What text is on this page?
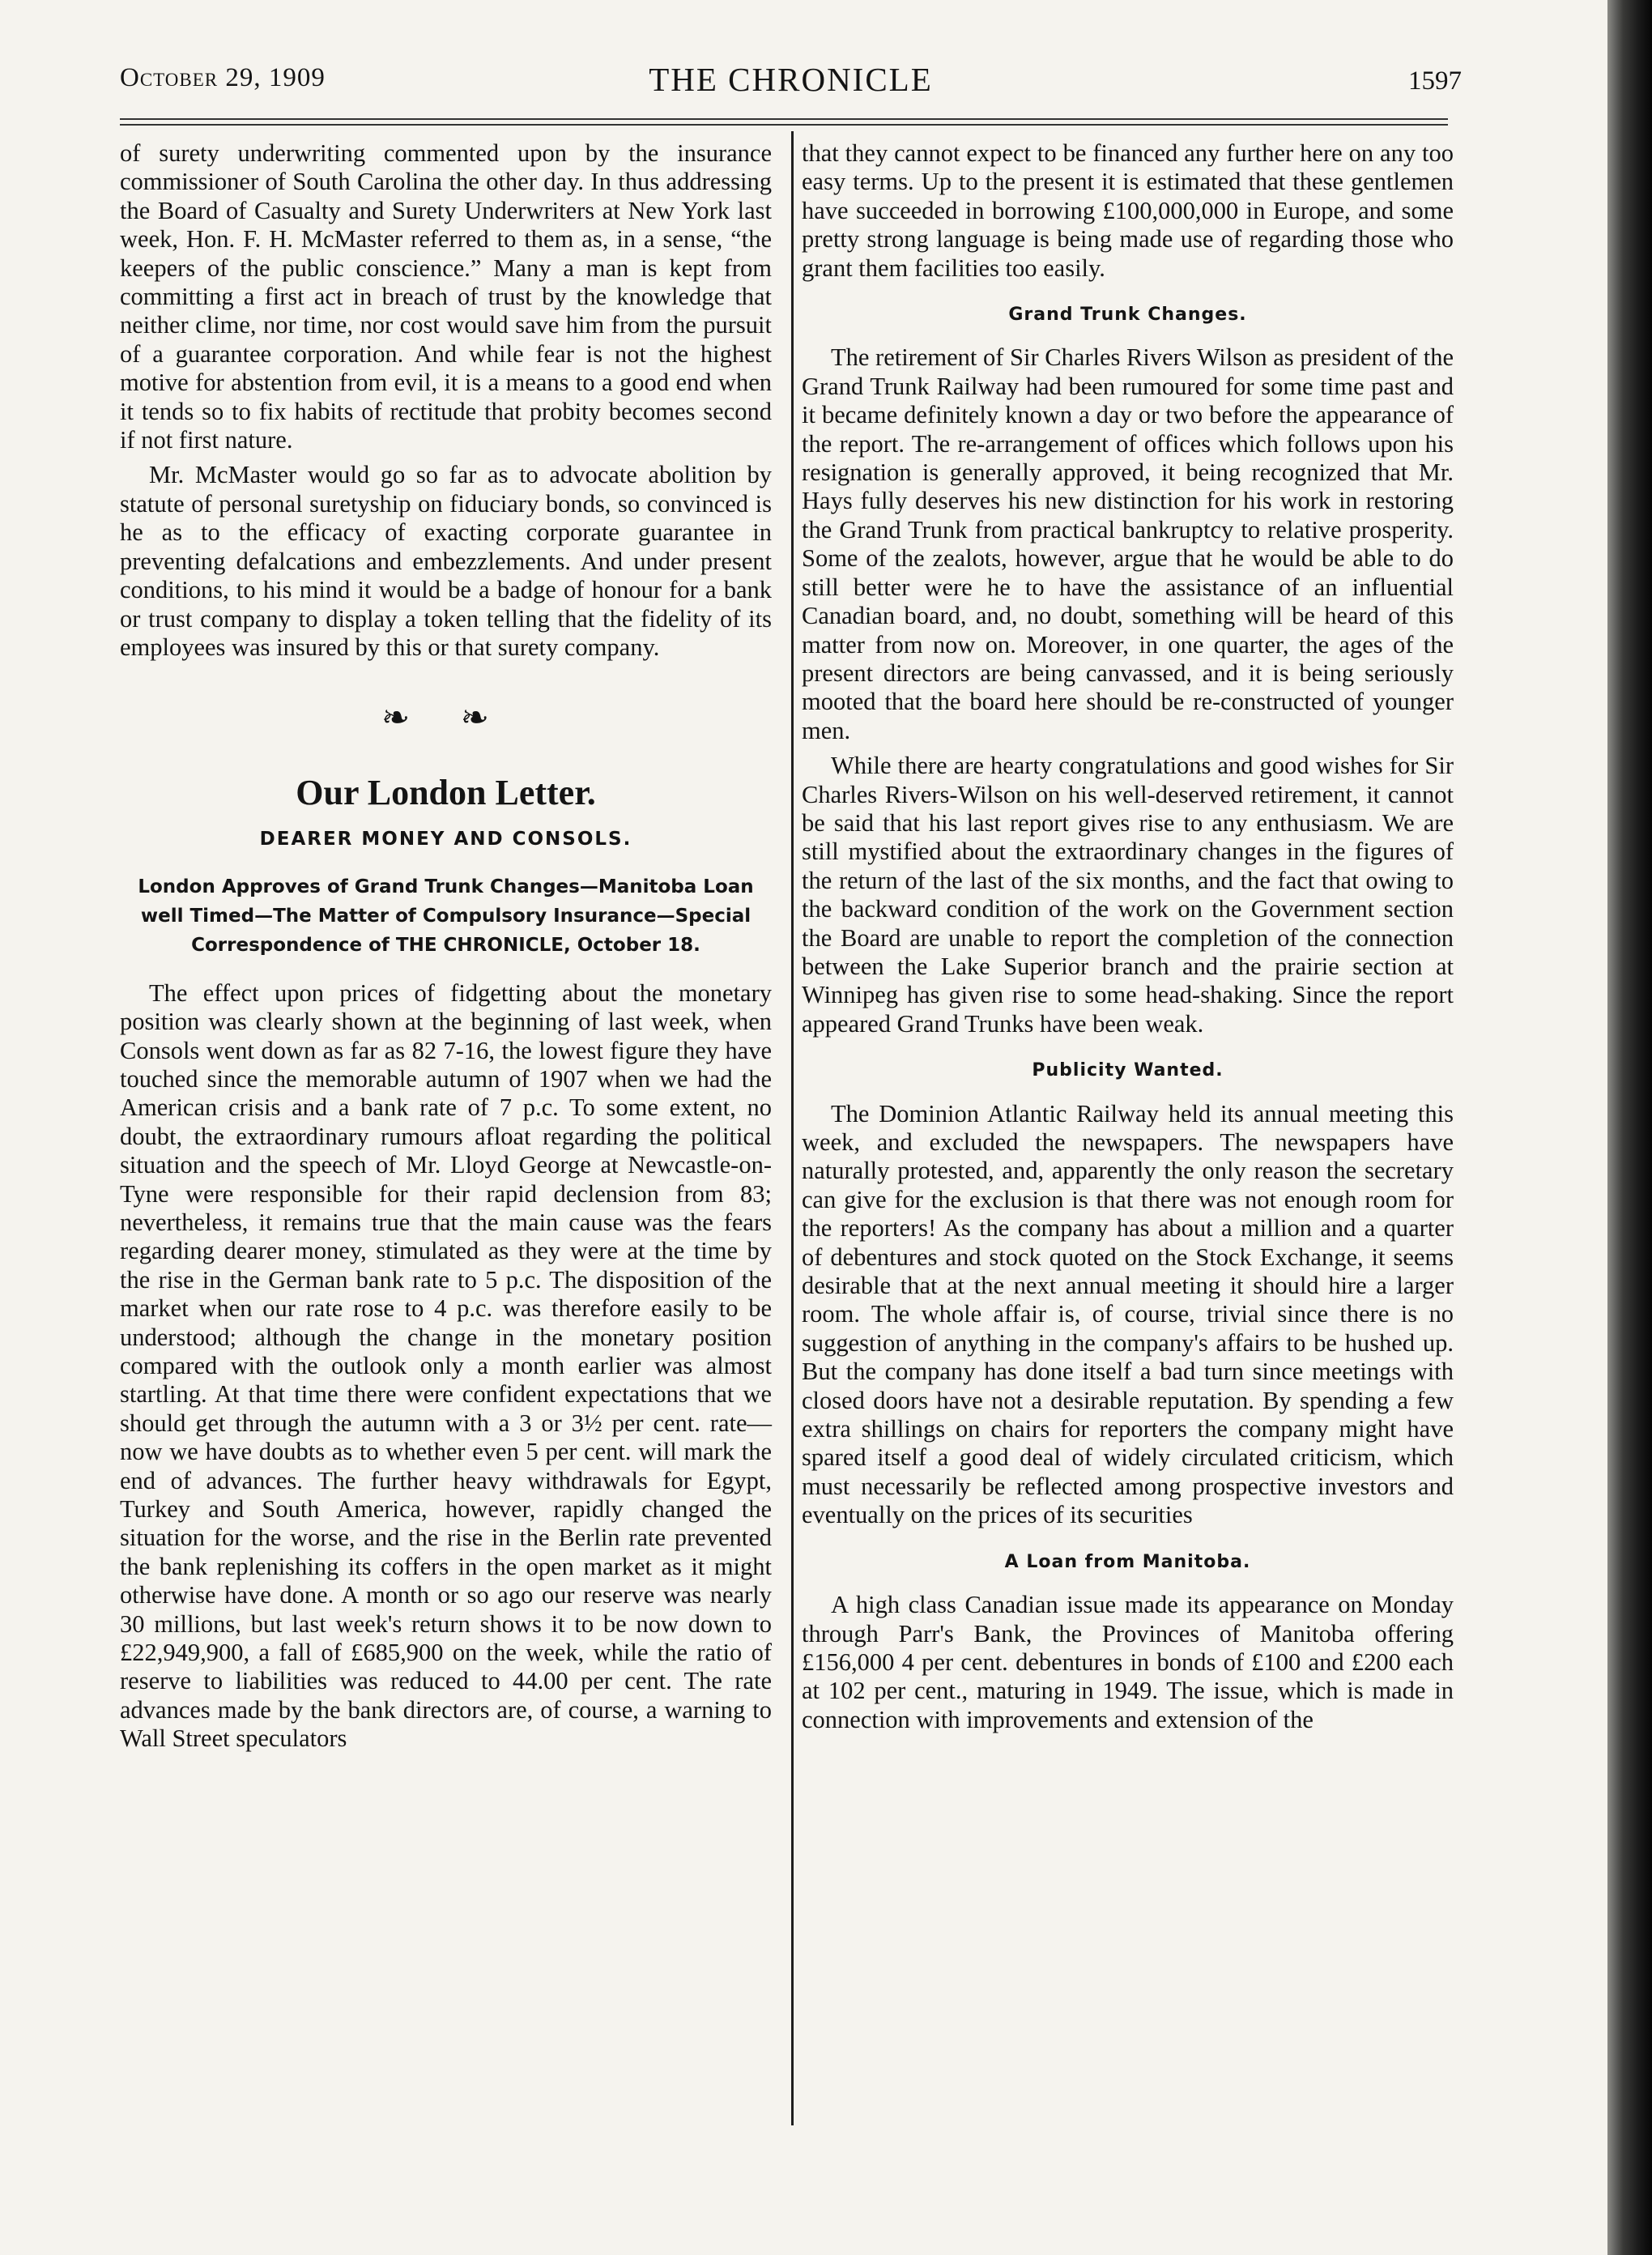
October 29, 1909	THE CHRONICLE	1597

of surety underwriting commented upon by the insurance commissioner of South Carolina the other day. In thus addressing the Board of Casualty and Surety Underwriters at New York last week, Hon. F. H. McMaster referred to them as, in a sense, “the keepers of the public conscience.” Many a man is kept from committing a first act in breach of trust by the knowledge that neither clime, nor time, nor cost would save him from the pursuit of a guarantee corporation. And while fear is not the highest motive for abstention from evil, it is a means to a good end when it tends so to fix habits of rectitude that probity becomes second if not first nature.

Mr. McMaster would go so far as to advocate abolition by statute of personal suretyship on fiduciary bonds, so convinced is he as to the efficacy of exacting corporate guarantee in preventing defalcations and embezzlements. And under present conditions, to his mind it would be a badge of honour for a bank or trust company to display a token telling that the fidelity of its employees was insured by this or that surety company.

❧ ❧
Our London Letter.
DEARER MONEY AND CONSOLS.
London Approves of Grand Trunk Changes—Manitoba Loan well Timed—The Matter of Compulsory Insurance—Special Correspondence of THE CHRONICLE, October 18.

The effect upon prices of fidgetting about the monetary position was clearly shown at the beginning of last week, when Consols went down as far as 82 7-16, the lowest figure they have touched since the memorable autumn of 1907 when we had the American crisis and a bank rate of 7 p.c. To some extent, no doubt, the extraordinary rumours afloat regarding the political situation and the speech of Mr. Lloyd George at Newcastle-on-Tyne were responsible for their rapid declension from 83; nevertheless, it remains true that the main cause was the fears regarding dearer money, stimulated as they were at the time by the rise in the German bank rate to 5 p.c. The disposition of the market when our rate rose to 4 p.c. was therefore easily to be understood; although the change in the monetary position compared with the outlook only a month earlier was almost startling. At that time there were confident expectations that we should get through the autumn with a 3 or 3½ per cent. rate—now we have doubts as to whether even 5 per cent. will mark the end of advances. The further heavy withdrawals for Egypt, Turkey and South America, however, rapidly changed the situation for the worse, and the rise in the Berlin rate prevented the bank replenishing its coffers in the open market as it might otherwise have done. A month or so ago our reserve was nearly 30 millions, but last week's return shows it to be now down to £22,949,900, a fall of £685,900 on the week, while the ratio of reserve to liabilities was reduced to 44.00 per cent. The rate advances made by the bank directors are, of course, a warning to Wall Street speculators

that they cannot expect to be financed any further here on any too easy terms. Up to the present it is estimated that these gentlemen have succeeded in borrowing £100,000,000 in Europe, and some pretty strong language is being made use of regarding those who grant them facilities too easily.

Grand Trunk Changes.

The retirement of Sir Charles Rivers Wilson as president of the Grand Trunk Railway had been rumoured for some time past and it became definitely known a day or two before the appearance of the report. The re-arrangement of offices which follows upon his resignation is generally approved, it being recognized that Mr. Hays fully deserves his new distinction for his work in restoring the Grand Trunk from practical bankruptcy to relative prosperity. Some of the zealots, however, argue that he would be able to do still better were he to have the assistance of an influential Canadian board, and, no doubt, something will be heard of this matter from now on. Moreover, in one quarter, the ages of the present directors are being canvassed, and it is being seriously mooted that the board here should be re-constructed of younger men.

While there are hearty congratulations and good wishes for Sir Charles Rivers-Wilson on his well-deserved retirement, it cannot be said that his last report gives rise to any enthusiasm. We are still mystified about the extraordinary changes in the figures of the return of the last of the six months, and the fact that owing to the backward condition of the work on the Government section the Board are unable to report the completion of the connection between the Lake Superior branch and the prairie section at Winnipeg has given rise to some head-shaking. Since the report appeared Grand Trunks have been weak.

Publicity Wanted.

The Dominion Atlantic Railway held its annual meeting this week, and excluded the newspapers. The newspapers have naturally protested, and, apparently the only reason the secretary can give for the exclusion is that there was not enough room for the reporters! As the company has about a million and a quarter of debentures and stock quoted on the Stock Exchange, it seems desirable that at the next annual meeting it should hire a larger room. The whole affair is, of course, trivial since there is no suggestion of anything in the company's affairs to be hushed up. But the company has done itself a bad turn since meetings with closed doors have not a desirable reputation. By spending a few extra shillings on chairs for reporters the company might have spared itself a good deal of widely circulated criticism, which must necessarily be reflected among prospective investors and eventually on the prices of its securities

A Loan from Manitoba.

A high class Canadian issue made its appearance on Monday through Parr's Bank, the Provinces of Manitoba offering £156,000 4 per cent. debentures in bonds of £100 and £200 each at 102 per cent., maturing in 1949. The issue, which is made in connection with improvements and extension of the
